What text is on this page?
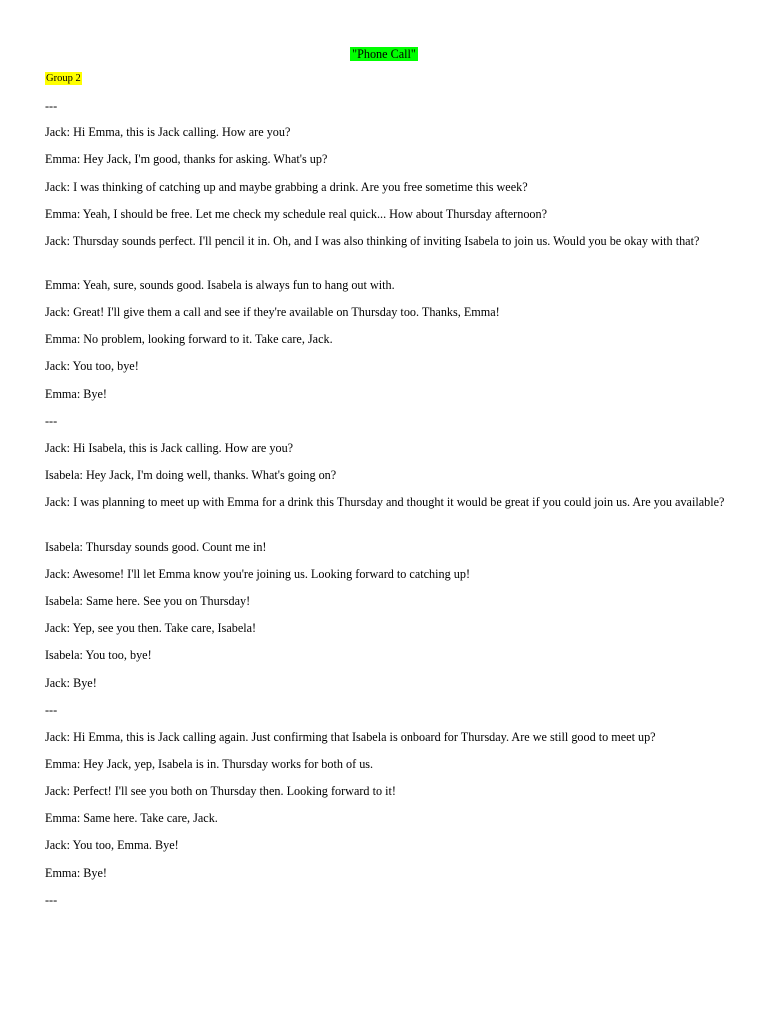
"Phone Call"
Group 2
---
Jack: Hi Emma, this is Jack calling. How are you?
Emma: Hey Jack, I'm good, thanks for asking. What's up?
Jack: I was thinking of catching up and maybe grabbing a drink. Are you free sometime this week?
Emma: Yeah, I should be free. Let me check my schedule real quick... How about Thursday afternoon?
Jack: Thursday sounds perfect. I'll pencil it in. Oh, and I was also thinking of inviting Isabela to join us. Would you be okay with that?
Emma: Yeah, sure, sounds good. Isabela is always fun to hang out with.
Jack: Great! I'll give them a call and see if they're available on Thursday too. Thanks, Emma!
Emma: No problem, looking forward to it. Take care, Jack.
Jack: You too, bye!
Emma: Bye!
---
Jack: Hi Isabela, this is Jack calling. How are you?
Isabela: Hey Jack, I'm doing well, thanks. What's going on?
Jack: I was planning to meet up with Emma for a drink this Thursday and thought it would be great if you could join us. Are you available?
Isabela: Thursday sounds good. Count me in!
Jack: Awesome! I'll let Emma know you're joining us. Looking forward to catching up!
Isabela: Same here. See you on Thursday!
Jack: Yep, see you then. Take care, Isabela!
Isabela: You too, bye!
Jack: Bye!
---
Jack: Hi Emma, this is Jack calling again. Just confirming that Isabela is onboard for Thursday. Are we still good to meet up?
Emma: Hey Jack, yep, Isabela is in. Thursday works for both of us.
Jack: Perfect! I'll see you both on Thursday then. Looking forward to it!
Emma: Same here. Take care, Jack.
Jack: You too, Emma. Bye!
Emma: Bye!
---
